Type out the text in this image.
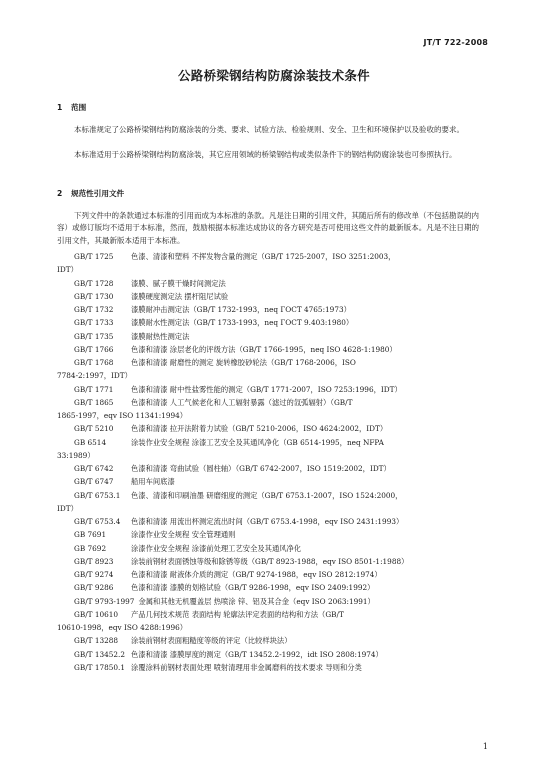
JT/T 722-2008
公路桥梁钢结构防腐涂装技术条件
1 范围
本标准规定了公路桥梁钢结构防腐涂装的分类、要求、试验方法、检验规则、安全、卫生和环境保护以及验收的要求。
本标准适用于公路桥梁钢结构防腐涂装，其它应用领域的桥梁钢结构或类似条件下的钢结构防腐涂装也可参照执行。
2 规范性引用文件
下列文件中的条款通过本标准的引用而成为本标准的条款。凡是注日期的引用文件，其随后所有的修改单（不包括勘误的内容）或修订版均不适用于本标准，然而，鼓励根据本标准达成协议的各方研究是否可使用这些文件的最新版本。凡是不注日期的引用文件，其最新版本适用于本标准。
GB/T 1725 色漆、清漆和塑料 不挥发物含量的测定（GB/T 1725-2007，ISO 3251:2003，
IDT）
GB/T 1728 漆膜、腻子膜干燥时间测定法
GB/T 1730 漆膜硬度测定法 摆杆阻尼试验
GB/T 1732 漆膜耐冲击测定法（GB/T 1732-1993，neq ГОСТ 4765:1973）
GB/T 1733 漆膜耐水性测定法（GB/T 1733-1993，neq ГОСТ 9.403:1980）
GB/T 1735 漆膜耐热性测定法
GB/T 1766 色漆和清漆 涂层老化的评级方法（GB/T 1766-1995，neq ISO 4628-1:1980）
GB/T 1768 色漆和清漆 耐磨性的测定 旋转橡胶砂轮法（GB/T 1768-2006，ISO
7784-2:1997，IDT）
GB/T 1771 色漆和清漆 耐中性盐雾性能的测定（GB/T 1771-2007，ISO 7253:1996，IDT）
GB/T 1865 色漆和清漆 人工气候老化和人工辐射暴露（滤过的氙弧辐射）（GB/T
1865-1997，eqv ISO 11341:1994）
GB/T 5210 色漆和清漆 拉开法附着力试验（GB/T 5210-2006，ISO 4624:2002，IDT）
GB 6514	涂装作业安全规程 涂漆工艺安全及其通风净化（GB 6514-1995，neq NFPA
33:1989）
GB/T 6742 色漆和清漆 弯曲试验（圆柱轴）（GB/T 6742-2007，ISO 1519:2002，IDT）
GB/T 6747 船用车间底漆
GB/T 6753.1 色漆、清漆和印刷油墨 研磨细度的测定（GB/T 6753.1-2007，ISO 1524:2000，
IDT）
GB/T 6753.4 色漆和清漆 用流出杯测定流出时间（GB/T 6753.4-1998，eqv ISO 2431:1993）
GB 7691	涂漆作业安全规程 安全管理通则
GB 7692	涂漆作业安全规程 涂漆前处理工艺安全及其通风净化
GB/T 8923 涂装前钢材表面锈蚀等级和除锈等级（GB/T 8923-1988，eqv ISO 8501-1:1988）
GB/T 9274 色漆和清漆 耐液体介质的测定（GB/T 9274-1988，eqv ISO 2812:1974）
GB/T 9286 色漆和清漆 漆膜的划格试验（GB/T 9286-1998，eqv ISO 2409:1992）
GB/T 9793-1997 金属和其他无机覆盖层 热喷涂 锌、铝及其合金（eqv ISO 2063:1991）
GB/T 10610 产品几何技术规范 表面结构 轮廓法评定表面的结构和方法（GB/T
10610-1998，eqv ISO 4288:1996）
GB/T 13288 涂装前钢材表面粗糙度等级的评定（比较样块法）
GB/T 13452.2 色漆和清漆 漆膜厚度的测定（GB/T 13452.2-1992，idt ISO 2808:1974）
GB/T 17850.1 涂覆涂料前钢材表面处理 喷射清理用非金属磨料的技术要求 导则和分类
1
